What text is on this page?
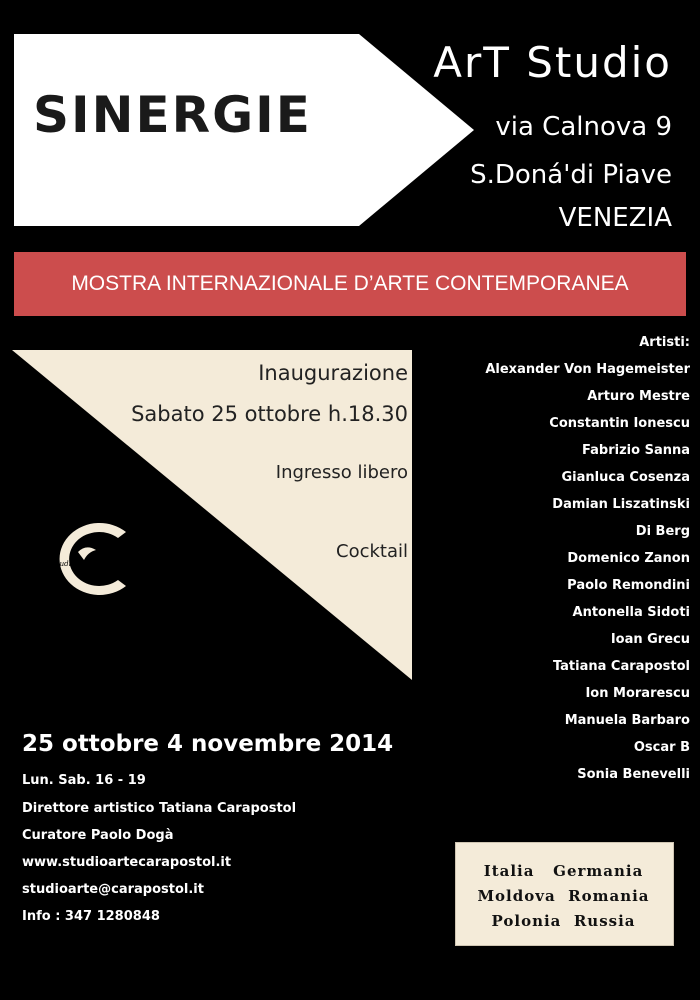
SINERGIE
ArT Studio
via Calnova 9
S.Doná'di Piave
VENEZIA
MOSTRA INTERNAZIONALE D’ARTE CONTEMPORANEA
Inaugurazione
Sabato 25 ottobre h.18.30
Ingresso libero
Cocktail
StudioArTeCarapostol
Artisti:
Alexander Von Hagemeister
Arturo Mestre
Constantin Ionescu
Fabrizio Sanna
Gianluca Cosenza
Damian Liszatinski
Di Berg
Domenico Zanon
Paolo Remondini
Antonella Sidoti
Ioan Grecu
Tatiana Carapostol
Ion Morarescu
Manuela Barbaro
Oscar B
Sonia Benevelli
25 ottobre 4 novembre 2014
Lun. Sab. 16 - 19
Direttore artistico Tatiana Carapostol
Curatore Paolo Dogà
www.studioartecarapostol.it
studioarte@carapostol.it
Info : 347 1280848
Italia   Germania
Moldova  Romania
Polonia  Russia
